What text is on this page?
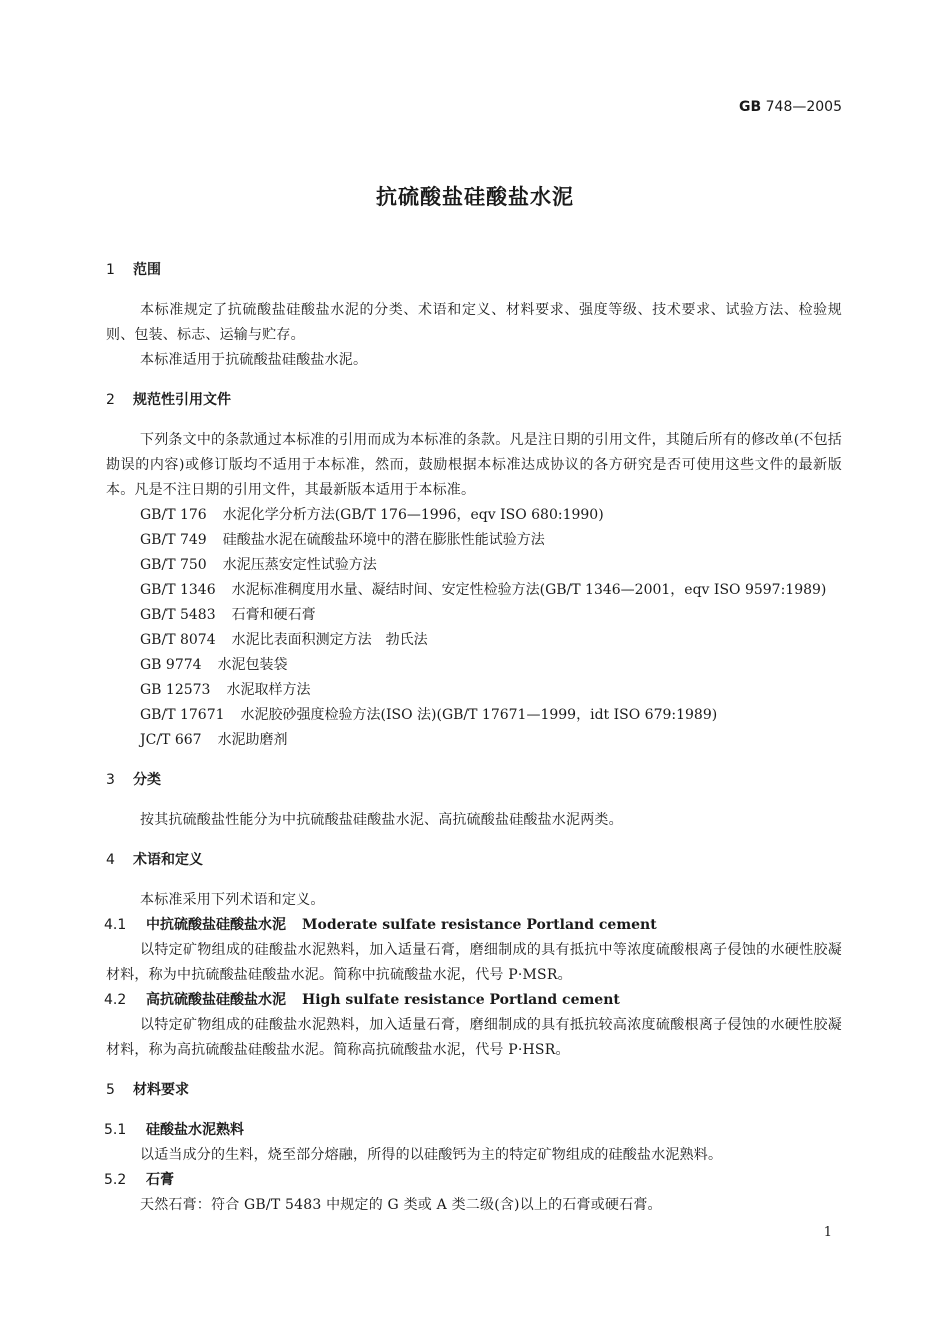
GB 748—2005
抗硫酸盐硅酸盐水泥
1 范围

本标准规定了抗硫酸盐硅酸盐水泥的分类、术语和定义、材料要求、强度等级、技术要求、试验方法、检验规则、包装、标志、运输与贮存。

本标准适用于抗硫酸盐硅酸盐水泥。

2 规范性引用文件

下列条文中的条款通过本标准的引用而成为本标准的条款。凡是注日期的引用文件，其随后所有的修改单(不包括勘误的内容)或修订版均不适用于本标准，然而，鼓励根据本标准达成协议的各方研究是否可使用这些文件的最新版本。凡是不注日期的引用文件，其最新版本适用于本标准。

GB/T 176 水泥化学分析方法(GB/T 176—1996，eqv ISO 680:1990)

GB/T 749 硅酸盐水泥在硫酸盐环境中的潜在膨胀性能试验方法

GB/T 750 水泥压蒸安定性试验方法

GB/T 1346 水泥标准稠度用水量、凝结时间、安定性检验方法(GB/T 1346—2001，eqv ISO 9597:1989)

GB/T 5483 石膏和硬石膏

GB/T 8074 水泥比表面积测定方法　勃氏法

GB 9774 水泥包装袋

GB 12573 水泥取样方法

GB/T 17671 水泥胶砂强度检验方法(ISO 法)(GB/T 17671—1999，idt ISO 679:1989)

JC/T 667 水泥助磨剂

3 分类

按其抗硫酸盐性能分为中抗硫酸盐硅酸盐水泥、高抗硫酸盐硅酸盐水泥两类。

4 术语和定义

本标准采用下列术语和定义。

4.1 中抗硫酸盐硅酸盐水泥 Moderate sulfate resistance Portland cement

以特定矿物组成的硅酸盐水泥熟料，加入适量石膏，磨细制成的具有抵抗中等浓度硫酸根离子侵蚀的水硬性胶凝材料，称为中抗硫酸盐硅酸盐水泥。简称中抗硫酸盐水泥，代号 P·MSR。

4.2 高抗硫酸盐硅酸盐水泥 High sulfate resistance Portland cement

以特定矿物组成的硅酸盐水泥熟料，加入适量石膏，磨细制成的具有抵抗较高浓度硫酸根离子侵蚀的水硬性胶凝材料，称为高抗硫酸盐硅酸盐水泥。简称高抗硫酸盐水泥，代号 P·HSR。

5 材料要求
5.1 硅酸盐水泥熟料

以适当成分的生料，烧至部分熔融，所得的以硅酸钙为主的特定矿物组成的硅酸盐水泥熟料。

5.2 石膏

天然石膏：符合 GB/T 5483 中规定的 G 类或 A 类二级(含)以上的石膏或硬石膏。

1
